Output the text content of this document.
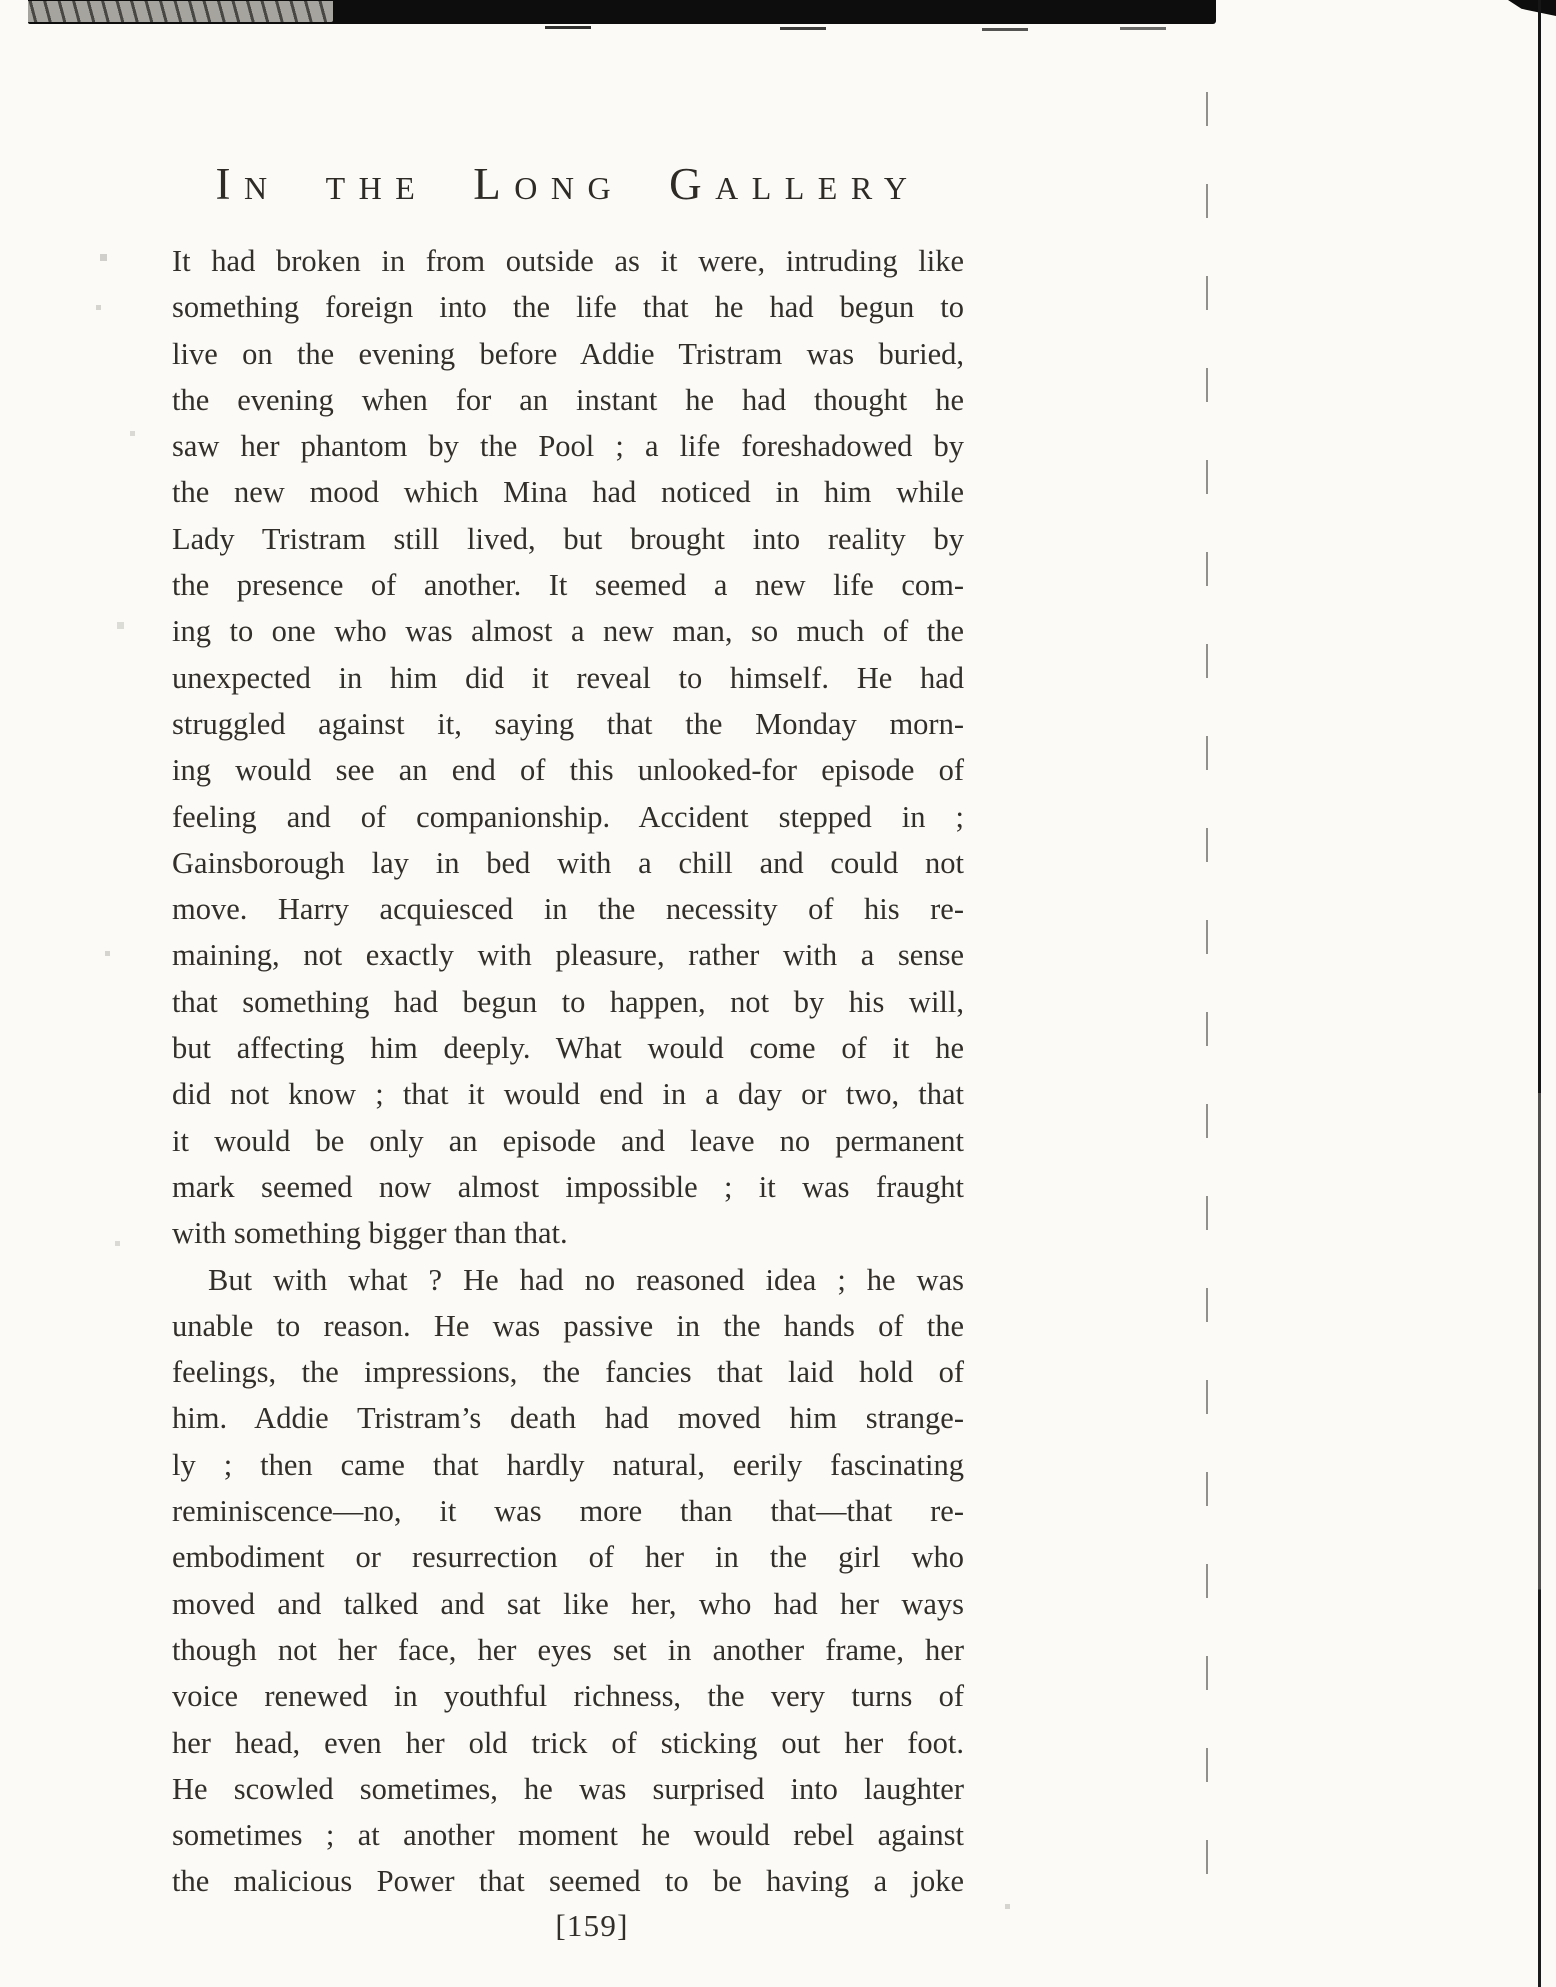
In the Long Gallery
It had broken in from outside as it were, intruding like
something foreign into the life that he had begun to
live on the evening before Addie Tristram was buried,
the evening when for an instant he had thought he
saw her phantom by the Pool ; a life foreshadowed by
the new mood which Mina had noticed in him while
Lady Tristram still lived, but brought into reality by
the presence of another. It seemed a new life com-
ing to one who was almost a new man, so much of the
unexpected in him did it reveal to himself. He had
struggled against it, saying that the Monday morn-
ing would see an end of this unlooked-for episode of
feeling and of companionship. Accident stepped in ;
Gainsborough lay in bed with a chill and could not
move. Harry acquiesced in the necessity of his re-
maining, not exactly with pleasure, rather with a sense
that something had begun to happen, not by his will,
but affecting him deeply. What would come of it he
did not know ; that it would end in a day or two, that
it would be only an episode and leave no permanent
mark seemed now almost impossible ; it was fraught
with something bigger than that.
But with what ? He had no reasoned idea ; he was
unable to reason. He was passive in the hands of the
feelings, the impressions, the fancies that laid hold of
him. Addie Tristram’s death had moved him strange-
ly ; then came that hardly natural, eerily fascinating
reminiscence—no, it was more than that—that re-
embodiment or resurrection of her in the girl who
moved and talked and sat like her, who had her ways
though not her face, her eyes set in another frame, her
voice renewed in youthful richness, the very turns of
her head, even her old trick of sticking out her foot.
He scowled sometimes, he was surprised into laughter
sometimes ; at another moment he would rebel against
the malicious Power that seemed to be having a joke
[159]
